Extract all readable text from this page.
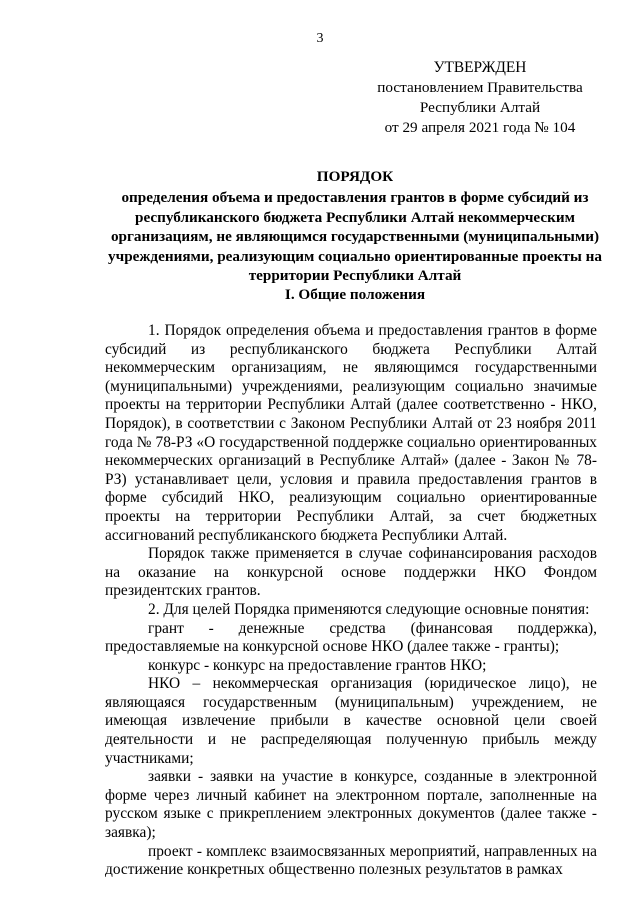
3
УТВЕРЖДЕН
постановлением Правительства
Республики Алтай
от 29 апреля 2021 года № 104
ПОРЯДОК
определения объема и предоставления грантов в форме субсидий из республиканского бюджета Республики Алтай некоммерческим организациям, не являющимся государственными (муниципальными) учреждениями, реализующим социально ориентированные проекты на территории Республики Алтай
I. Общие положения

1. Порядок определения объема и предоставления грантов в форме субсидий из республиканского бюджета Республики Алтай некоммерческим организациям, не являющимся государственными (муниципальными) учреждениями, реализующим социально значимые проекты на территории Республики Алтай (далее соответственно - НКО, Порядок), в соответствии с Законом Республики Алтай от 23 ноября 2011 года № 78-РЗ «О государственной поддержке социально ориентированных некоммерческих организаций в Республике Алтай» (далее - Закон № 78-РЗ) устанавливает цели, условия и правила предоставления грантов в форме субсидий НКО, реализующим социально ориентированные проекты на территории Республики Алтай, за счет бюджетных ассигнований республиканского бюджета Республики Алтай.

Порядок также применяется в случае софинансирования расходов на оказание на конкурсной основе поддержки НКО Фондом президентских грантов.

2. Для целей Порядка применяются следующие основные понятия:

грант - денежные средства (финансовая поддержка), предоставляемые на конкурсной основе НКО (далее также - гранты);

конкурс - конкурс на предоставление грантов НКО;

НКО – некоммерческая организация (юридическое лицо), не являющаяся государственным (муниципальным) учреждением, не имеющая извлечение прибыли в качестве основной цели своей деятельности и не распределяющая полученную прибыль между участниками;

заявки - заявки на участие в конкурсе, созданные в электронной форме через личный кабинет на электронном портале, заполненные на русском языке с прикреплением электронных документов (далее также - заявка);

проект - комплекс взаимосвязанных мероприятий, направленных на достижение конкретных общественно полезных результатов в рамках
